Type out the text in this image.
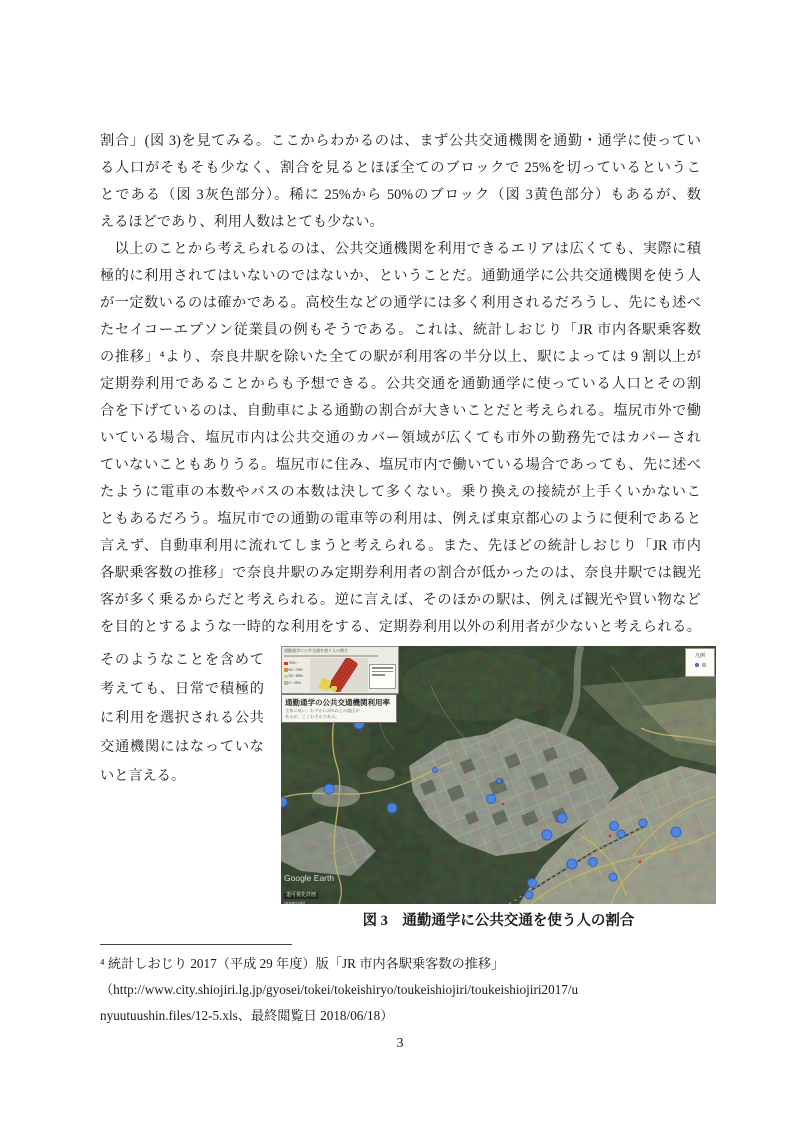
割合」(図 3)を見てみる。ここからわかるのは、まず公共交通機関を通勤・通学に使ってい
る人口がそもそも少なく、割合を見るとほぼ全てのブロックで 25%を切っているというこ
とである（図 3灰色部分）。稀に 25%から 50%のブロック（図 3黄色部分）もあるが、数
えるほどであり、利用人数はとても少ない。
　以上のことから考えられるのは、公共交通機関を利用できるエリアは広くても、実際に積
極的に利用されてはいないのではないか、ということだ。通勤通学に公共交通機関を使う人
が一定数いるのは確かである。高校生などの通学には多く利用されるだろうし、先にも述べ
たセイコーエプソン従業員の例もそうである。これは、統計しおじり「JR 市内各駅乗客数
の推移」⁴より、奈良井駅を除いた全ての駅が利用客の半分以上、駅によっては 9 割以上が
定期券利用であることからも予想できる。公共交通を通勤通学に使っている人口とその割
合を下げているのは、自動車による通勤の割合が大きいことだと考えられる。塩尻市外で働
いている場合、塩尻市内は公共交通のカバー領域が広くても市外の勤務先ではカバーされ
ていないこともありうる。塩尻市に住み、塩尻市内で働いている場合であっても、先に述べ
たように電車の本数やバスの本数は決して多くない。乗り換えの接続が上手くいかないこ
ともあるだろう。塩尻市での通勤の電車等の利用は、例えば東京都心のように便利であると
言えず、自動車利用に流れてしまうと考えられる。また、先ほどの統計しおじり「JR 市内
各駅乗客数の推移」で奈良井駅のみ定期券利用者の割合が低かったのは、奈良井駅では観光
客が多く乗るからだと考えられる。逆に言えば、そのほかの駅は、例えば観光や買い物など
を目的とするような一時的な利用をする、定期券利用以外の利用者が少ないと考えられる。
そのようなことを含めて
考えても、日常で積極的
に利用を選択される公共
交通機関にはなっていな
いと言える。
通勤通学に公共交通を使う人の割合
75%～
50～75%
25～50%
0～25%
通勤通学の公共交通機関利用率
全体に低い。わずかに25%以上の地区が
あるが、ごくわずかである。
凡例
Google Earth
道可視化計画
(shiojiri.city)
図 3　通勤通学に公共交通を使う人の割合
⁴ 統計しおじり 2017（平成 29 年度）版「JR 市内各駅乗客数の推移」
（http://www.city.shiojiri.lg.jp/gyosei/tokei/tokeishiryo/toukeishiojiri/toukeishiojiri2017/u
nyuutuushin.files/12-5.xls、最終閲覧日 2018/06/18）
3
